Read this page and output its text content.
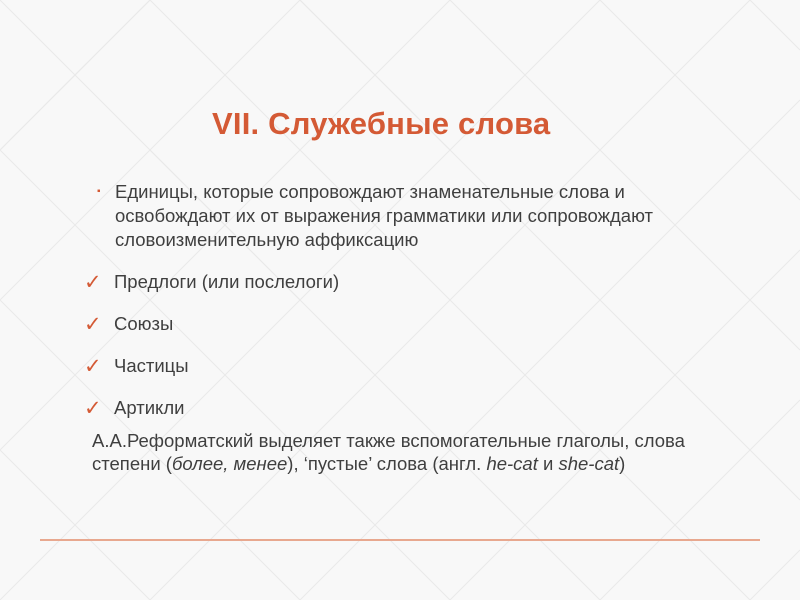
VII. Служебные слова
▪ Единицы, которые сопровождают знаменательные слова и освобождают их от выражения грамматики или сопровождают словоизменительную аффиксацию
✓ Предлоги (или послелоги)
✓ Союзы
✓ Частицы
✓ Артикли
А.А.Реформатский выделяет также вспомогательные глаголы, слова степени (более, менее), ‘пустые’ слова (англ. he-cat и she-cat)
